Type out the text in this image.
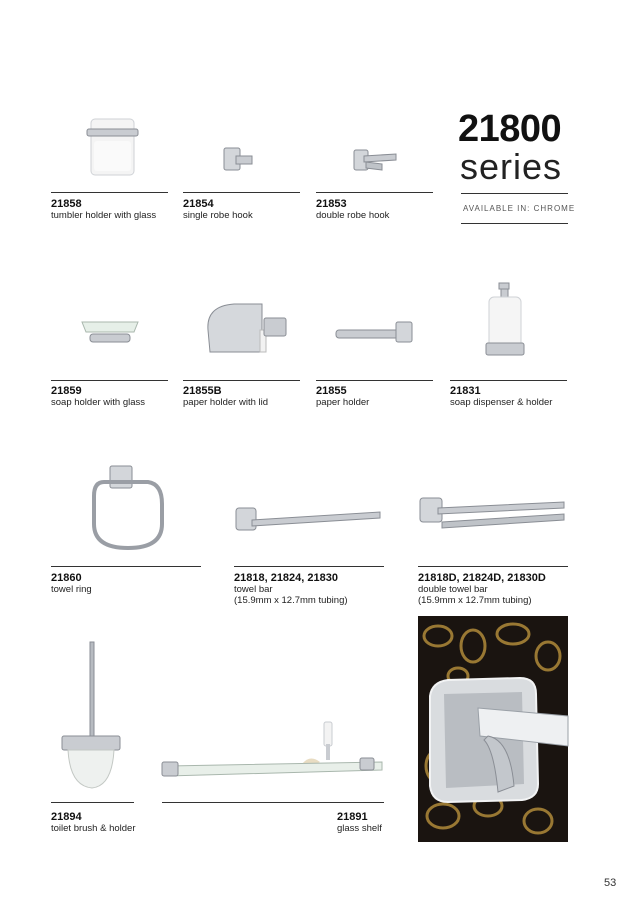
21800
series
AVAILABLE IN: CHROME
21858
tumbler holder with glass
21854
single robe hook
21853
double robe hook
21859
soap holder with glass
21855B
paper holder with lid
21855
paper holder
21831
soap dispenser & holder
21860
towel ring
21818, 21824, 21830
towel bar
(15.9mm x 12.7mm tubing)
21818D, 21824D, 21830D
double towel bar
(15.9mm x 12.7mm tubing)
21894
toilet brush & holder
21891
glass shelf
53
